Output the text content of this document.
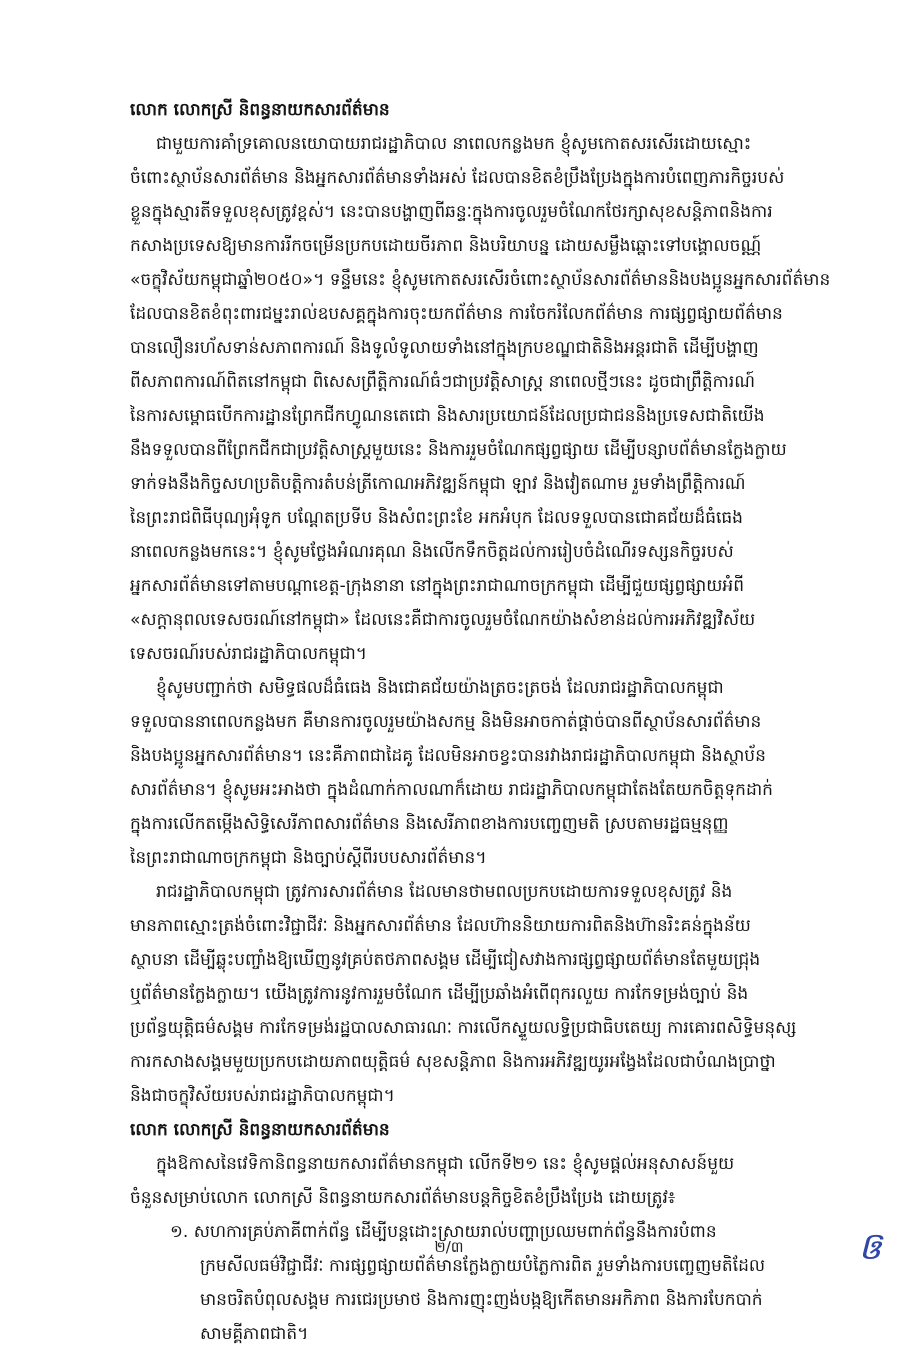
លោក លោកស្រី និពន្ធនាយកសារព័ត៌មាន
ជាមួយការគាំទ្រគោលនយោបាយរាជរដ្ឋាភិបាល នាពេលកន្លងមក ខ្ញុំសូមកោតសរសើរដោយស្មោះ
ចំពោះស្ថាប័នសារព័ត៌មាន និងអ្នកសារព័ត៌មានទាំងអស់ ដែលបានខិតខំប្រឹងប្រែងក្នុងការបំពេញភារកិច្ចរបស់
ខ្លួនក្នុងស្មារតីទទួលខុសត្រូវខ្ពស់។ នេះបានបង្ហាញពីឆន្ទៈក្នុងការចូលរួមចំណែកថែរក្សាសុខសន្តិភាពនិងការ
កសាងប្រទេសឱ្យមានការរីកចម្រើនប្រកបដោយចីរភាព និងបរិយាបន្ន ដោយសម្លឹងឆ្ពោះទៅបង្គោលចណ្ណ៍
«ចក្ខុវិស័យកម្ពុជាឆ្នាំ២០៥០»។ ទន្ទឹមនេះ ខ្ញុំសូមកោតសរសើរចំពោះស្ថាប័នសារព័ត៌មាននិងបងប្អូនអ្នកសារព័ត៌មាន
ដែលបានខិតខំពុះពារជម្នះរាល់ឧបសគ្គក្នុងការចុះយកព័ត៌មាន ការចែករំលែកព័ត៌មាន ការផ្សព្វផ្សាយព័ត៌មាន
បានលឿនរហ័សទាន់សភាពការណ៍ និងទូលំទូលាយទាំងនៅក្នុងក្របខណ្ឌជាតិនិងអន្តរជាតិ ដើម្បីបង្ហាញ
ពីសភាពការណ៍ពិតនៅកម្ពុជា ពិសេសព្រឹត្តិការណ៍ធំៗជាប្រវត្តិសាស្ត្រ នាពេលថ្មីៗនេះ ដូចជាព្រឹត្តិការណ៍
នៃការសម្ពោធបើកការដ្ឋានព្រែកជីកហ្វូណនតេជោ និងសារប្រយោជន៍ដែលប្រជាជននិងប្រទេសជាតិយើង
នឹងទទួលបានពីព្រែកជីកជាប្រវត្តិសាស្ត្រមួយនេះ និងការរួមចំណែកផ្សព្វផ្សាយ ដើម្បីបន្សាបព័ត៌មានក្លែងក្លាយ
ទាក់ទងនឹងកិច្ចសហប្រតិបត្តិការតំបន់ត្រីកោណអភិវឌ្ឍន៍កម្ពុជា ឡាវ និងវៀតណាម រួមទាំងព្រឹត្តិការណ៍
នៃព្រះរាជពិធីបុណ្យអុំទូក បណ្តែតប្រទីប និងសំពះព្រះខែ អកអំបុក ដែលទទួលបានជោគជ័យដ៏ធំធេង
នាពេលកន្លងមកនេះ។ ខ្ញុំសូមថ្លែងអំណរគុណ និងលើកទឹកចិត្តដល់ការរៀបចំដំណើរទស្សនកិច្ចរបស់
អ្នកសារព័ត៌មានទៅតាមបណ្តាខេត្ត-ក្រុងនានា នៅក្នុងព្រះរាជាណាចក្រកម្ពុជា ដើម្បីជួយផ្សព្វផ្សាយអំពី
«សក្តានុពលទេសចរណ៍នៅកម្ពុជា» ដែលនេះគឺជាការចូលរួមចំណែកយ៉ាងសំខាន់ដល់ការអភិវឌ្ឍវិស័យ
ទេសចរណ៍របស់រាជរដ្ឋាភិបាលកម្ពុជា។
ខ្ញុំសូមបញ្ជាក់ថា សមិទ្ធផលដ៏ធំធេង និងជោគជ័យយ៉ាងត្រចះត្រចង់ ដែលរាជរដ្ឋាភិបាលកម្ពុជា
ទទួលបាននាពេលកន្លងមក គឺមានការចូលរួមយ៉ាងសកម្ម និងមិនអាចកាត់ផ្តាច់បានពីស្ថាប័នសារព័ត៌មាន
និងបងប្អូនអ្នកសារព័ត៌មាន។ នេះគឺភាពជាដៃគូ ដែលមិនអាចខ្វះបានរវាងរាជរដ្ឋាភិបាលកម្ពុជា និងស្ថាប័ន
សារព័ត៌មាន។ ខ្ញុំសូមអះអាងថា ក្នុងដំណាក់កាលណាក៏ដោយ រាជរដ្ឋាភិបាលកម្ពុជាតែងតែយកចិត្តទុកដាក់
ក្នុងការលើកតម្កើងសិទ្ធិសេរីភាពសារព័ត៌មាន និងសេរីភាពខាងការបញ្ចេញមតិ ស្របតាមរដ្ឋធម្មនុញ្ញ
នៃព្រះរាជាណាចក្រកម្ពុជា និងច្បាប់ស្តីពីរបបសារព័ត៌មាន។
រាជរដ្ឋាភិបាលកម្ពុជា ត្រូវការសារព័ត៌មាន ដែលមានថាមពលប្រកបដោយការទទួលខុសត្រូវ និង
មានភាពស្មោះត្រង់ចំពោះវិជ្ជាជីវៈ និងអ្នកសារព័ត៌មាន ដែលហ៊ាននិយាយការពិតនិងហ៊ានរិះគន់ក្នុងន័យ
ស្ថាបនា ដើម្បីឆ្លុះបញ្ចាំងឱ្យឃើញនូវគ្រប់តថភាពសង្គម ដើម្បីជៀសវាងការផ្សព្វផ្សាយព័ត៌មានតែមួយជ្រុង
ឬព័ត៌មានក្លែងក្លាយ។ យើងត្រូវការនូវការរួមចំណែក ដើម្បីប្រឆាំងអំពើពុករលួយ ការកែទម្រង់ច្បាប់ និង
ប្រព័ន្ធយុត្តិធម៌សង្គម ការកែទម្រង់រដ្ឋបាលសាធារណៈ ការលើកស្ទួយលទ្ធិប្រជាធិបតេយ្យ ការគោរពសិទ្ធិមនុស្ស
ការកសាងសង្គមមួយប្រកបដោយភាពយុត្តិធម៌ សុខសន្តិភាព និងការអភិវឌ្ឍយូរអង្វែងដែលជាបំណងប្រាថ្នា
និងជាចក្ខុវិស័យរបស់រាជរដ្ឋាភិបាលកម្ពុជា។
លោក លោកស្រី និពន្ធនាយកសារព័ត៌មាន
ក្នុងឱកាសនៃវេទិកានិពន្ធនាយកសារព័ត៌មានកម្ពុជា លើកទី២១ នេះ ខ្ញុំសូមផ្តល់អនុសាសន៍មួយ
ចំនួនសម្រាប់លោក លោកស្រី និពន្ធនាយកសារព័ត៌មានបន្តកិច្ចខិតខំប្រឹងប្រែង ដោយត្រូវ៖
១. សហការគ្រប់ភាគីពាក់ព័ន្ធ ដើម្បីបន្តដោះស្រាយរាល់បញ្ហាប្រឈមពាក់ព័ន្ធនឹងការបំពាន
ក្រមសីលធម៌វិជ្ជាជីវៈ ការផ្សព្វផ្សាយព័ត៌មានក្លែងក្លាយបំភ្លៃការពិត រួមទាំងការបញ្ចេញមតិដែល
មានចរិតបំពុលសង្គម ការជេរប្រមាថ និងការញុះញង់បង្កឱ្យកើតមានអកិភាព និងការបែកបាក់
សាមគ្គីភាពជាតិ។
២/៣	ឲ
